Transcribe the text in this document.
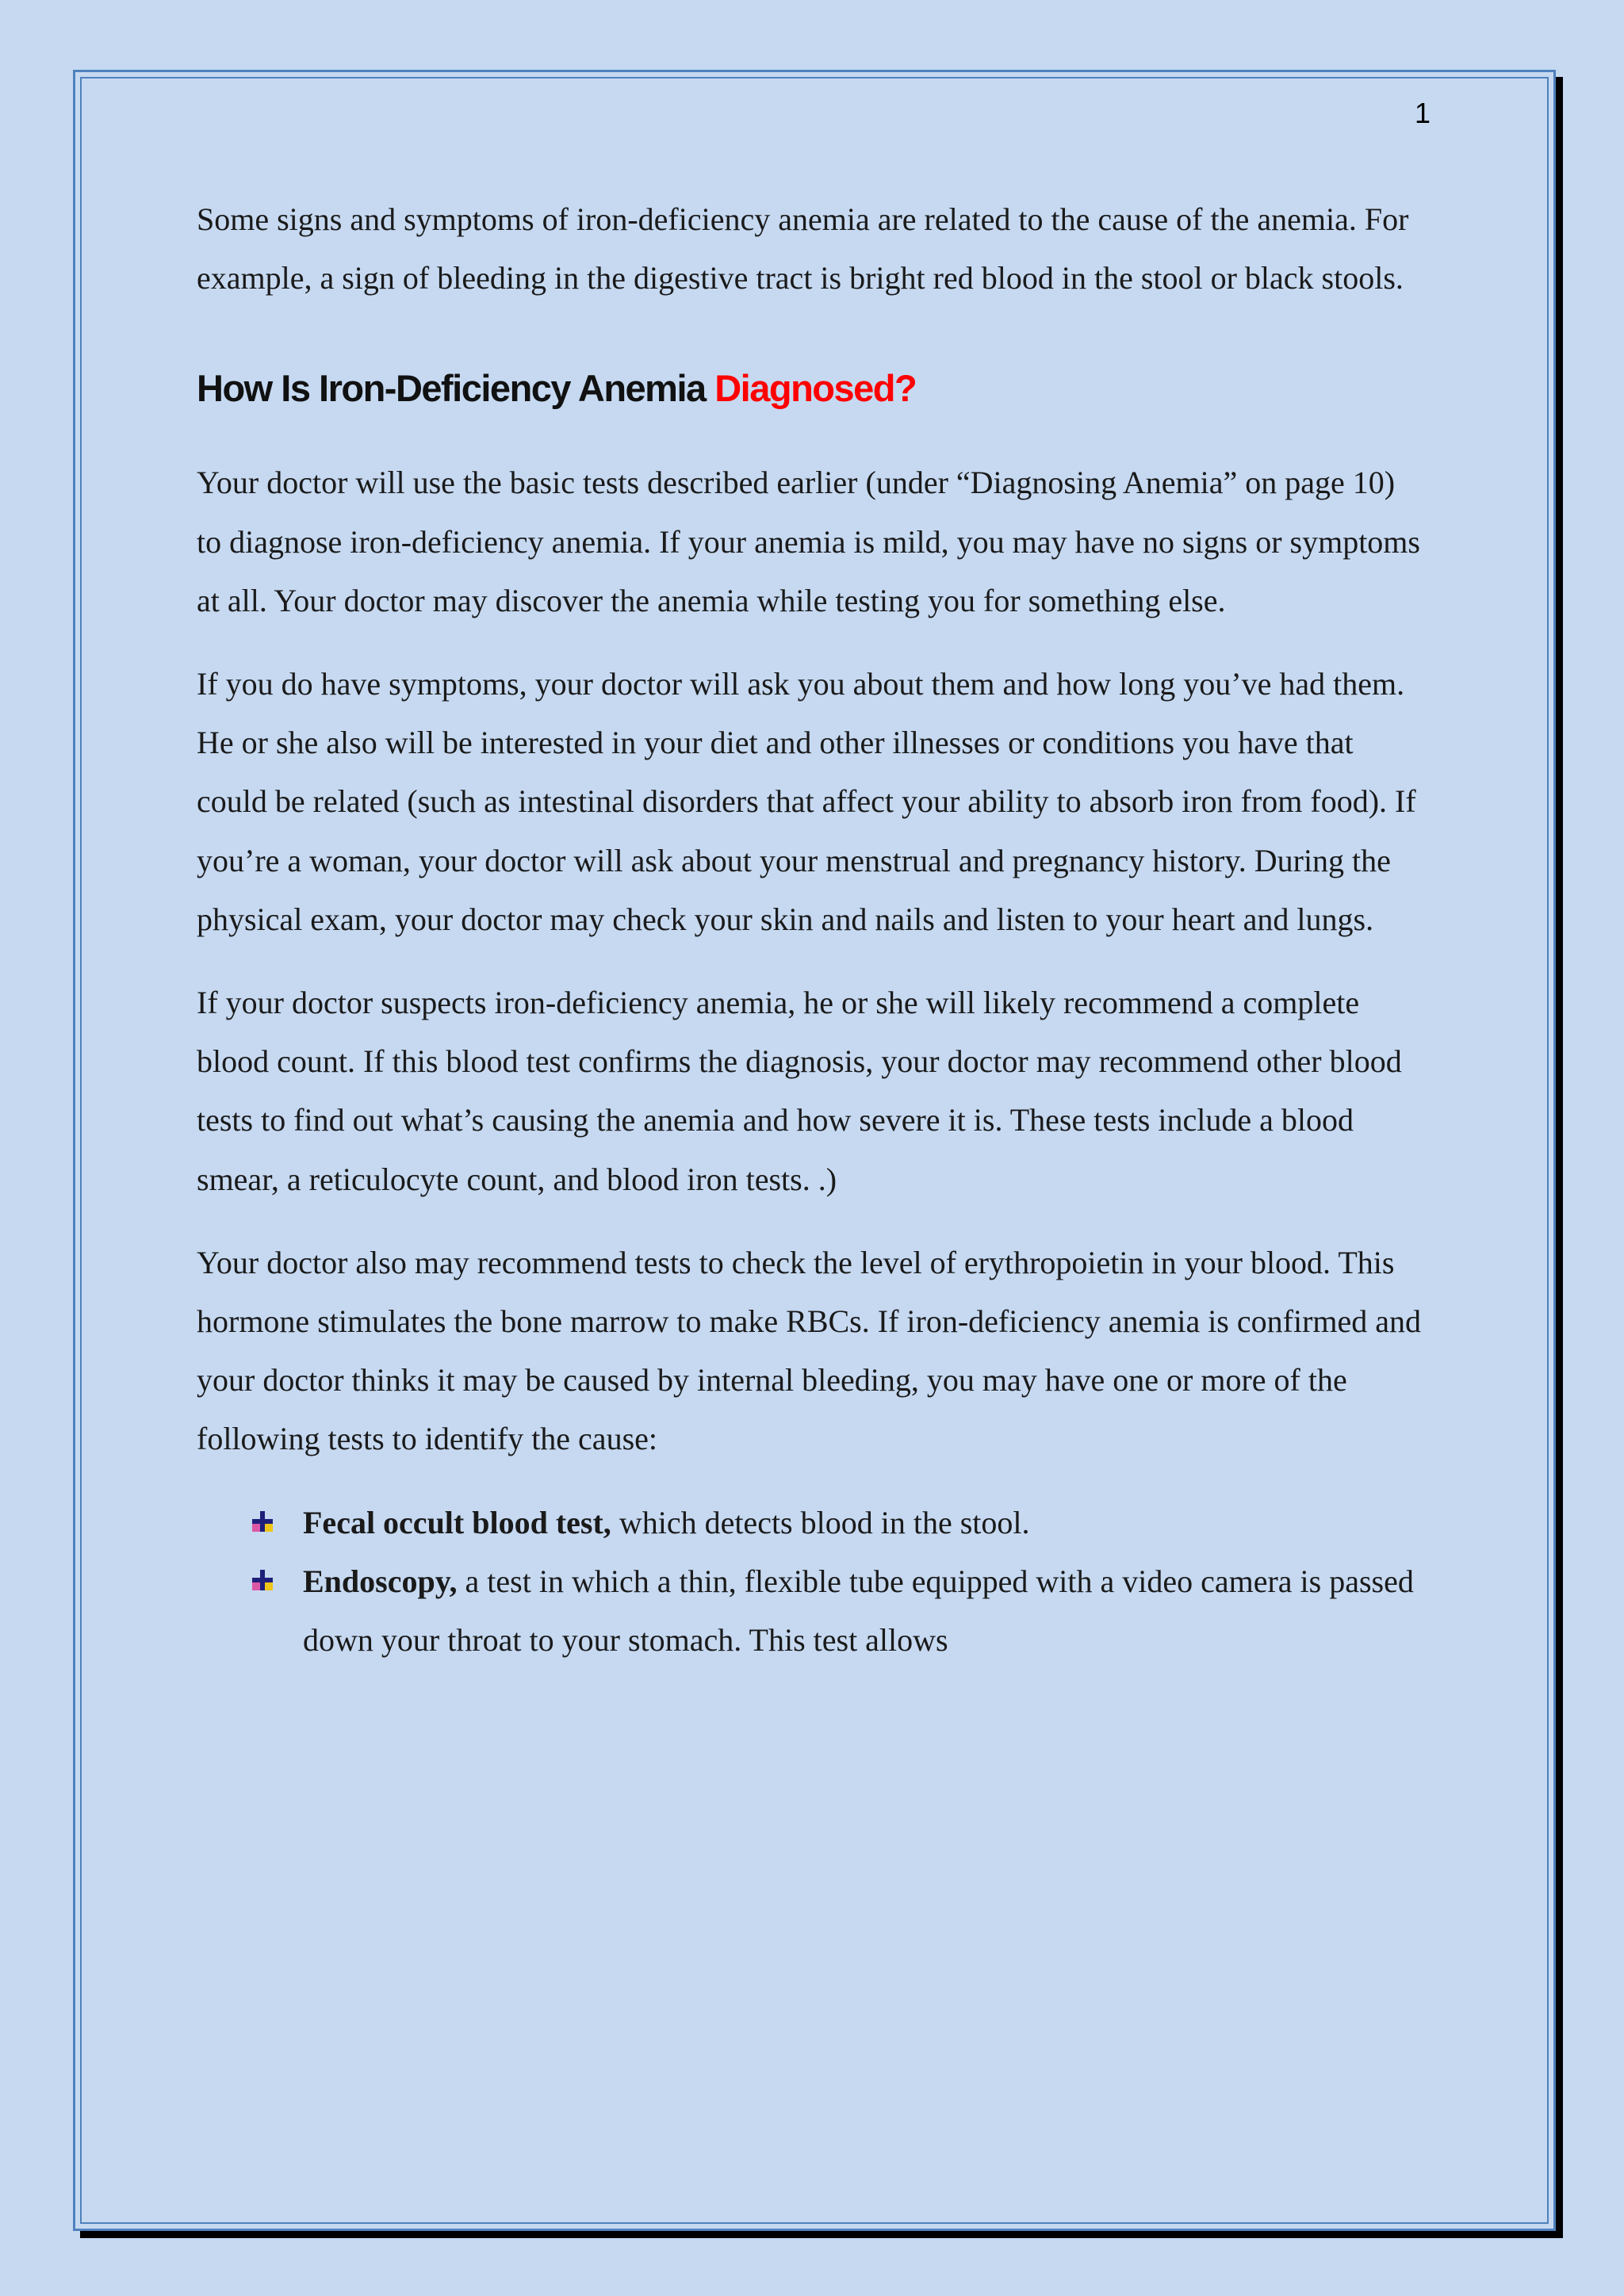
1

Some signs and symptoms of iron-deficiency anemia are related to the cause of the anemia. For example, a sign of bleeding in the digestive tract is bright red blood in the stool or black stools.

How Is Iron-Deficiency Anemia Diagnosed?

Your doctor will use the basic tests described earlier (under “Diagnosing Anemia” on page 10) to diagnose iron-deficiency anemia. If your anemia is mild, you may have no signs or symptoms at all. Your doctor may discover the anemia while testing you for something else.

If you do have symptoms, your doctor will ask you about them and how long you’ve had them. He or she also will be interested in your diet and other illnesses or conditions you have that could be related (such as intestinal disorders that affect your ability to absorb iron from food). If you’re a woman, your doctor will ask about your menstrual and pregnancy history. During the physical exam, your doctor may check your skin and nails and listen to your heart and lungs.

If your doctor suspects iron-deficiency anemia, he or she will likely recommend a complete blood count. If this blood test confirms the diagnosis, your doctor may recommend other blood tests to find out what’s causing the anemia and how severe it is. These tests include a blood smear, a reticulocyte count, and blood iron tests. .)

Your doctor also may recommend tests to check the level of erythropoietin in your blood. This hormone stimulates the bone marrow to make RBCs. If iron-deficiency anemia is confirmed and your doctor thinks it may be caused by internal bleeding, you may have one or more of the following tests to identify the cause:

Fecal occult blood test, which detects blood in the stool.
Endoscopy, a test in which a thin, flexible tube equipped with a video camera is passed down your throat to your stomach. This test allows
